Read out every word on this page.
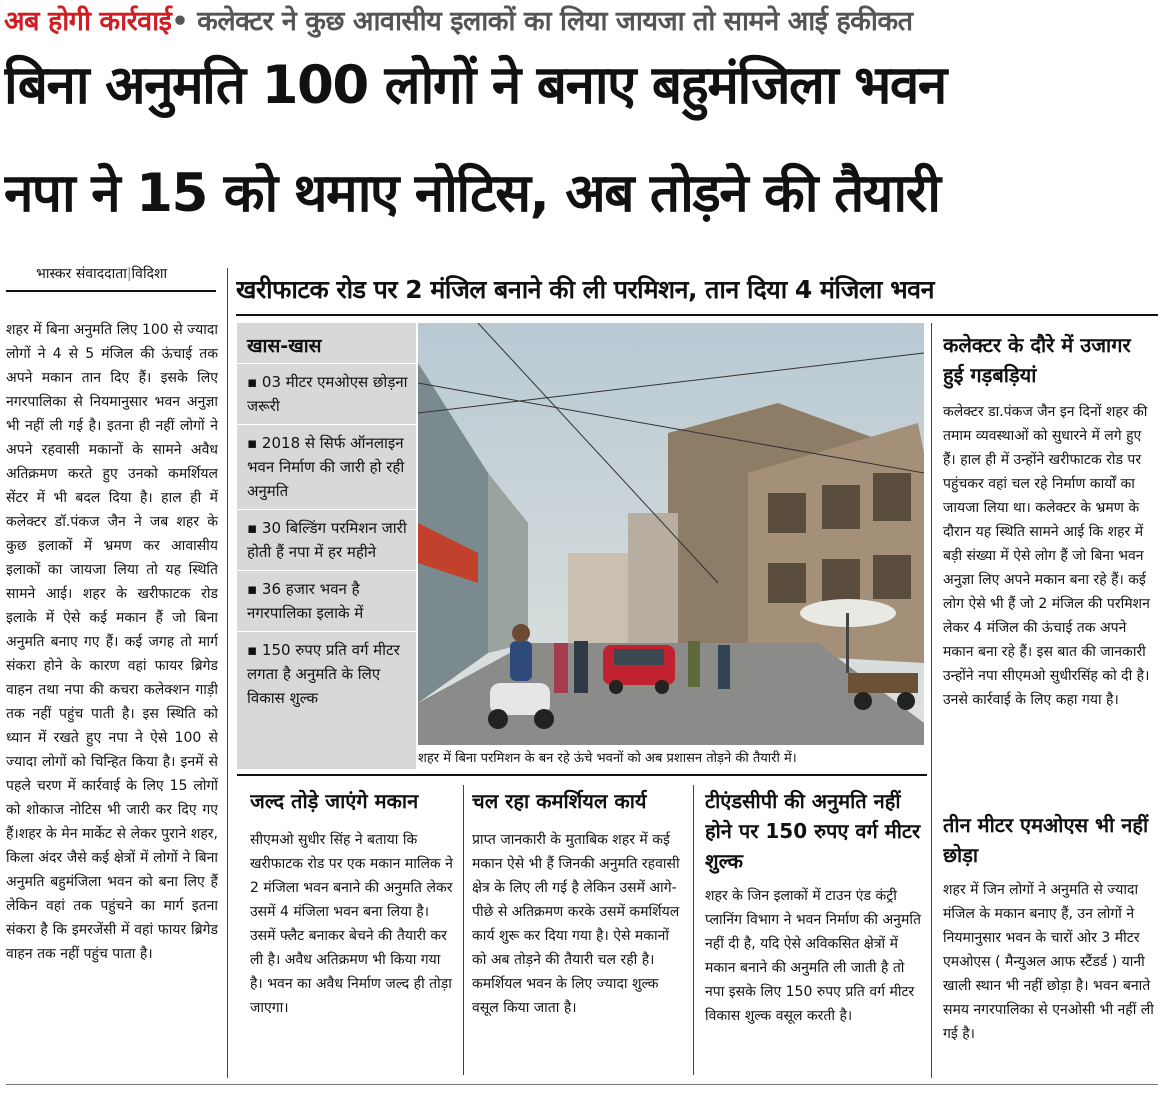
अब होगी कार्रवाई• कलेक्टर ने कुछ आवासीय इलाकों का लिया जायजा तो सामने आई हकीकत
बिना अनुमति 100 लोगों ने बनाए बहुमंजिला भवन
नपा ने 15 को थमाए नोटिस, अब तोड़ने की तैयारी
भास्कर संवाददाता|विदिशा
खरीफाटक रोड पर 2 मंजिल बनाने की ली परमिशन, तान दिया 4 मंजिला भवन

शहर में बिना अनुमति लिए 100 से ज्यादा लोगों ने 4 से 5 मंजिल की ऊंचाई तक अपने मकान तान दिए हैं। इसके लिए नगरपालिका से नियमानुसार भवन अनुज्ञा भी नहीं ली गई है। इतना ही नहीं लोगों ने अपने रहवासी मकानों के सामने अवैध अतिक्रमण करते हुए उनको कमर्शियल सेंटर में भी बदल दिया है। हाल ही में कलेक्टर डॉ.पंकज जैन ने जब शहर के कुछ इलाकों में भ्रमण कर आवासीय इलाकों का जायजा लिया तो यह स्थिति सामने आई। शहर के खरीफाटक रोड इलाके में ऐसे कई मकान हैं जो बिना अनुमति बनाए गए हैं। कई जगह तो मार्ग संकरा होने के कारण वहां फायर ब्रिगेड वाहन तथा नपा की कचरा कलेक्शन गाड़ी तक नहीं पहुंच पाती है। इस स्थिति को ध्यान में रखते हुए नपा ने ऐसे 100 से ज्यादा लोगों को चिन्हित किया है। इनमें से पहले चरण में कार्रवाई के लिए 15 लोगों को शोकाज नोटिस भी जारी कर दिए गए हैं।शहर के मेन मार्केट से लेकर पुराने शहर, किला अंदर जैसे कई क्षेत्रों में लोगों ने बिना अनुमति बहुमंजिला भवन को बना लिए हैं लेकिन वहां तक पहुंचने का मार्ग इतना संकरा है कि इमरजेंसी में वहां फायर ब्रिगेड वाहन तक नहीं पहुंच पाता है।

खास-खास
▪ 03 मीटर एमओएस छोड़ना जरूरी
▪ 2018 से सिर्फ ऑनलाइन भवन निर्माण की जारी हो रही अनुमति
▪ 30 बिल्डिंग परमिशन जारी होती हैं नपा में हर महीने
▪ 36 हजार भवन है नगरपालिका इलाके में
▪ 150 रुपए प्रति वर्ग मीटर लगता है अनुमति के लिए विकास शुल्क
शहर में बिना परमिशन के बन रहे ऊंचे भवनों को अब प्रशासन तोड़ने की तैयारी में।
कलेक्टर के दौरे में उजागर हुई गड़बड़ियां

कलेक्टर डा.पंकज जैन इन दिनों शहर की तमाम व्यवस्थाओं को सुधारने में लगे हुए हैं। हाल ही में उन्होंने खरीफाटक रोड पर पहुंचकर वहां चल रहे निर्माण कार्यों का जायजा लिया था। कलेक्टर के भ्रमण के दौरान यह स्थिति सामने आई कि शहर में बड़ी संख्या में ऐसे लोग हैं जो बिना भवन अनुज्ञा लिए अपने मकान बना रहे हैं। कई लोग ऐसे भी हैं जो 2 मंजिल की परमिशन लेकर 4 मंजिल की ऊंचाई तक अपने मकान बना रहे हैं। इस बात की जानकारी उन्होंने नपा सीएमओ सुधीरसिंह को दी है। उनसे कार्रवाई के लिए कहा गया है।

तीन मीटर एमओएस भी नहीं छोड़ा

शहर में जिन लोगों ने अनुमति से ज्यादा मंजिल के मकान बनाए हैं, उन लोगों ने नियमानुसार भवन के चारों ओर 3 मीटर एमओएस ( मैन्युअल आफ स्टैंडर्ड ) यानी खाली स्थान भी नहीं छोड़ा है। भवन बनाते समय नगरपालिका से एनओसी भी नहीं ली गई है।

जल्द तोड़े जाएंगे मकान

सीएमओ सुधीर सिंह ने बताया कि खरीफाटक रोड पर एक मकान मालिक ने 2 मंजिला भवन बनाने की अनुमति लेकर उसमें 4 मंजिला भवन बना लिया है। उसमें फ्लैट बनाकर बेचने की तैयारी कर ली है। अवैध अतिक्रमण भी किया गया है। भवन का अवैध निर्माण जल्द ही तोड़ा जाएगा।

चल रहा कमर्शियल कार्य

प्राप्त जानकारी के मुताबिक शहर में कई मकान ऐसे भी हैं जिनकी अनुमति रहवासी क्षेत्र के लिए ली गई है लेकिन उसमें आगे-पीछे से अतिक्रमण करके उसमें कमर्शियल कार्य शुरू कर दिया गया है। ऐसे मकानों को अब तोड़ने की तैयारी चल रही है। कमर्शियल भवन के लिए ज्यादा शुल्क वसूल किया जाता है।

टीएंडसीपी की अनुमति नहीं होने पर 150 रुपए वर्ग मीटर शुल्क

शहर के जिन इलाकों में टाउन एंड कंट्री प्लानिंग विभाग ने भवन निर्माण की अनुमति नहीं दी है, यदि ऐसे अविकसित क्षेत्रों में मकान बनाने की अनुमति ली जाती है तो नपा इसके लिए 150 रुपए प्रति वर्ग मीटर विकास शुल्क वसूल करती है।
